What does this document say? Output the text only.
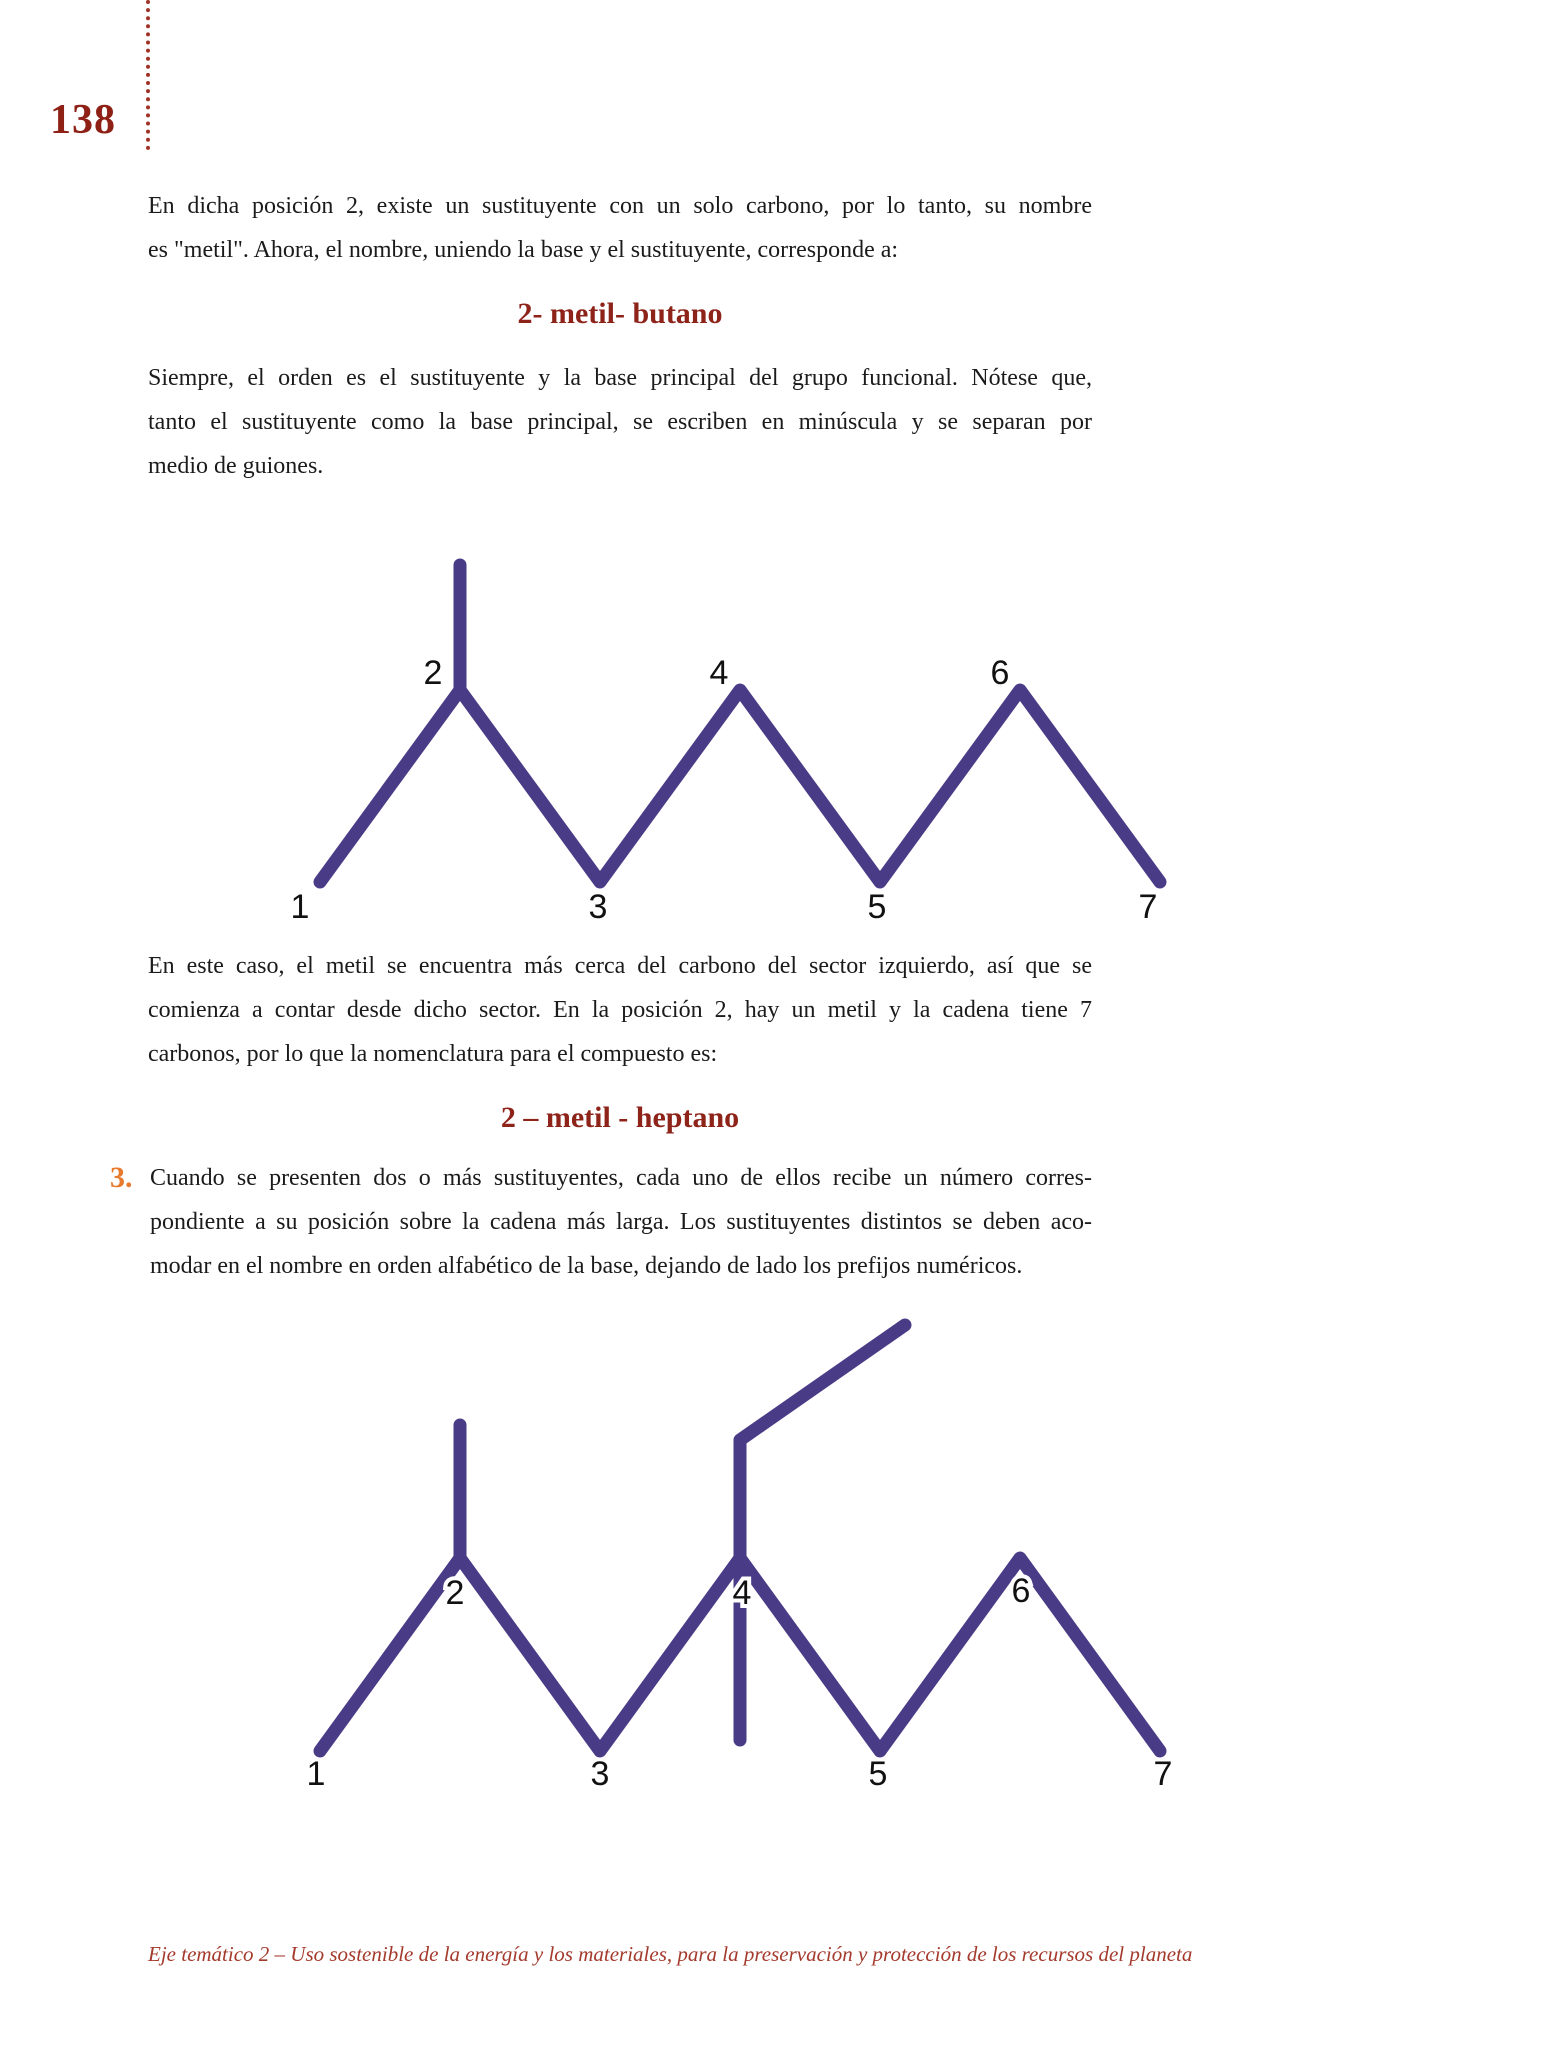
138
En dicha posición 2, existe un sustituyente con un solo carbono, por lo tanto, su nombre
es "metil". Ahora, el nombre, uniendo la base y el sustituyente, corresponde a:
2- metil- butano
Siempre, el orden es el sustituyente y la base principal del grupo funcional. Nótese que,
tanto el sustituyente como la base principal, se escriben en minúscula y se separan por
medio de guiones.
1
2
3
4
5
6
7
En este caso, el metil se encuentra más cerca del carbono del sector izquierdo, así que se
comienza a contar desde dicho sector. En la posición 2, hay un metil y la cadena tiene 7
carbonos, por lo que la nomenclatura para el compuesto es:
2 – metil - heptano
3. Cuando se presenten dos o más sustituyentes, cada uno de ellos recibe un número corres-
pondiente a su posición sobre la cadena más larga. Los sustituyentes distintos se deben aco-
modar en el nombre en orden alfabético de la base, dejando de lado los prefijos numéricos.
1
2
3
4
5
6
7
Eje temático 2 – Uso sostenible de la energía y los materiales, para la preservación y protección de los recursos del planeta
